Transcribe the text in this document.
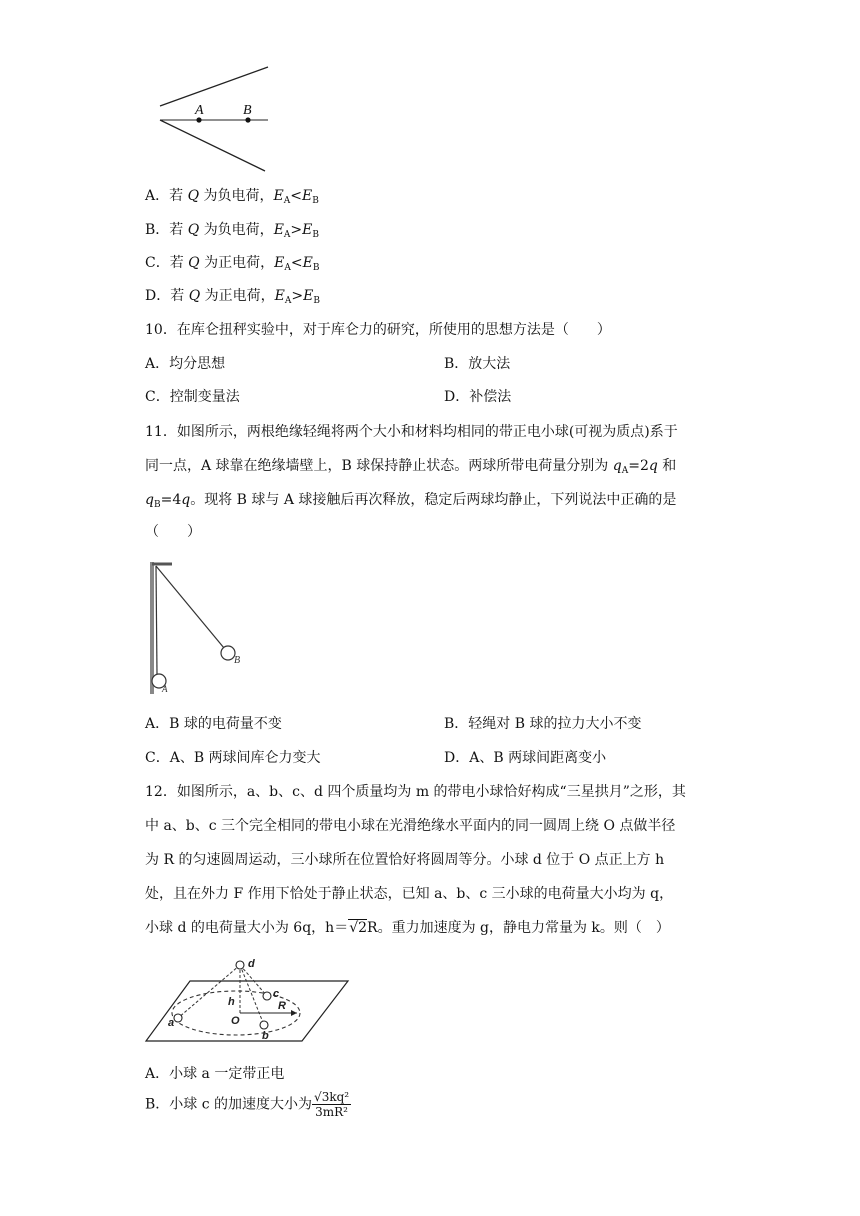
A	B
A．若 Q 为负电荷，$E_A<E_B$
B．若 Q 为负电荷，$E_A>E_B$
C．若 Q 为正电荷，$E_A<E_B$
D．若 Q 为正电荷，$E_A>E_B$
10．在库仑扭秤实验中，对于库仑力的研究，所使用的思想方法是（　　）
A．均分思想	B．放大法
C．控制变量法	D．补偿法
11．如图所示，两根绝缘轻绳将两个大小和材料均相同的带正电小球(可视为质点)系于
同一点，A 球靠在绝缘墙壁上，B 球保持静止状态。两球所带电荷量分别为 $q_A=2q$ 和
$q_B=4q$。现将 B 球与 A 球接触后再次释放，稳定后两球均静止，下列说法中正确的是
（　　）
B
A
A．B 球的电荷量不变	B．轻绳对 B 球的拉力大小不变
C．A、B 两球间库仑力变大	D．A、B 两球间距离变小
12．如图所示，a、b、c、d 四个质量均为 m 的带电小球恰好构成“三星拱月”之形，其
中 a、b、c 三个完全相同的带电小球在光滑绝缘水平面内的同一圆周上绕 O 点做半径
为 R 的匀速圆周运动，三小球所在位置恰好将圆周等分。小球 d 位于 O 点正上方 h
处，且在外力 F 作用下恰处于静止状态，已知 a、b、c 三小球的电荷量大小均为 q，
小球 d 的电荷量大小为 6q，h＝√2R。重力加速度为 g，静电力常量为 k。则（　）
d
c
h
O
R
a
b
A．小球 a 一定带正电
B．小球 c 的加速度大小为 $\frac{\text{√3kq²}}{\text{3mR²}}$
